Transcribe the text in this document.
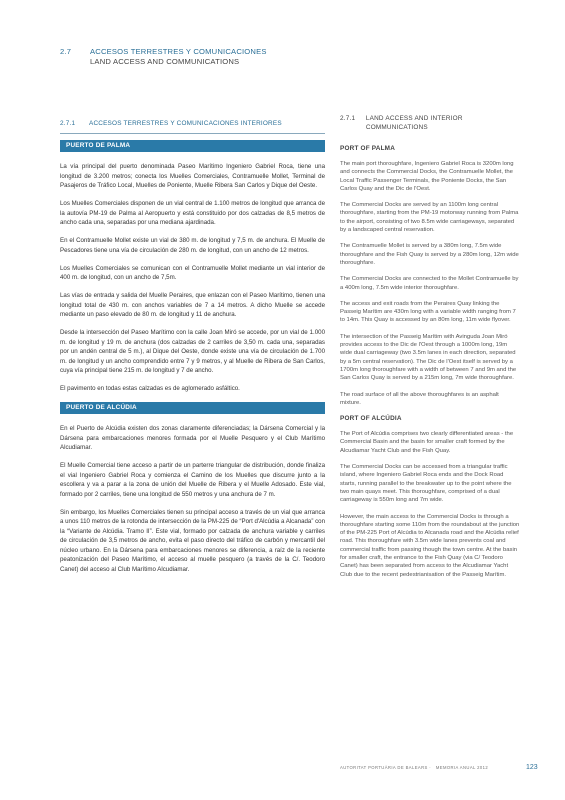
2.7	ACCESOS TERRESTRES Y COMUNICACIONES
LAND ACCESS AND COMMUNICATIONS
2.7.1	ACCESOS TERRESTRES Y COMUNICACIONES INTERIORES
PUERTO DE PALMA

La vía principal del puerto denominada Paseo Marítimo Ingeniero Gabriel Roca, tiene una longitud de 3.200 metros; conecta los Muelles Comerciales, Contramuelle Mollet, Terminal de Pasajeros de Tráfico Local, Muelles de Poniente, Muelle Ribera San Carlos y Dique del Oeste.

Los Muelles Comerciales disponen de un vial central de 1.100 metros de longitud que arranca de la autovía PM-19 de Palma al Aeropuerto y está constituido por dos calzadas de 8,5 metros de ancho cada una, separadas por una mediana ajardinada.

En el Contramuelle Mollet existe un vial de 380 m. de longitud y 7,5 m. de anchura. El Muelle de Pescadores tiene una vía de circulación de 280 m. de longitud, con un ancho de 12 metros.

Los Muelles Comerciales se comunican con el Contramuelle Mollet mediante un vial interior de 400 m. de longitud, con un ancho de 7,5m.

Las vías de entrada y salida del Muelle Peraires, que enlazan con el Paseo Marítimo, tienen una longitud total de 430 m. con anchos variables de 7 a 14 metros. A dicho Muelle se accede mediante un paso elevado de 80 m. de longitud y 11 de anchura.

Desde la intersección del Paseo Marítimo con la calle Joan Miró se accede, por un vial de 1.000 m. de longitud y 19 m. de anchura (dos calzadas de 2 carriles de 3,50 m. cada una, separadas por un andén central de 5 m.), al Dique del Oeste, donde existe una vía de circulación de 1.700 m. de longitud y un ancho comprendido entre 7 y 9 metros, y al Muelle de Ribera de San Carlos, cuya vía principal tiene 215 m. de longitud y 7 de ancho.

El pavimento en todas estas calzadas es de aglomerado asfáltico.

PUERTO DE ALCÚDIA

En el Puerto de Alcúdia existen dos zonas claramente diferenciadas; la Dársena Comercial y la Dársena para embarcaciones menores formada por el Muelle Pesquero y el Club Marítimo Alcudiamar.

El Muelle Comercial tiene acceso a partir de un parterre triangular de distribución, donde finaliza el vial Ingeniero Gabriel Roca y comienza el Camino de los Muelles que discurre junto a la escollera y va a parar a la zona de unión del Muelle de Ribera y el Muelle Adosado. Este vial, formado por 2 carriles, tiene una longitud de 550 metros y una anchura de 7 m.

Sin embargo, los Muelles Comerciales tienen su principal acceso a través de un vial que arranca a unos 110 metros de la rotonda de intersección de la PM-225 de “Port d'Alcúdia a Alcanada” con la “Variante de Alcúdia. Tramo II”. Este vial, formado por calzada de anchura variable y carriles de circulación de 3,5 metros de ancho, evita el paso directo del tráfico de carbón y mercantil del núcleo urbano. En la Dársena para embarcaciones menores se diferencia, a raíz de la reciente peatonización del Paseo Marítimo, el acceso al muelle pesquero (a través de la C/. Teodoro Canet) del acceso al Club Marítimo Alcudiamar.

2.7.1	LAND ACCESS AND INTERIOR COMMUNICATIONS
PORT OF PALMA

The main port thoroughfare, Ingeniero Gabriel Roca is 3200m long and connects the Commercial Docks, the Contramuelle Mollet, the Local Traffic Passenger Terminals, the Poniente Docks, the San Carlos Quay and the Dic de l'Oest.

The Commercial Docks are served by an 1100m long central thoroughfare, starting from the PM-19 motorway running from Palma to the airport, consisting of two 8.5m wide carriageways, separated by a landscaped central reservation.

The Contramuelle Mollet is served by a 380m long, 7.5m wide thoroughfare and the Fish Quay is served by a 280m long, 12m wide thoroughfare.

The Commercial Docks are connected to the Mollet Contramuelle by a 400m long, 7.5m wide interior thoroughfare.

The access and exit roads from the Peraires Quay linking the Passeig Marítim are 430m long with a variable width ranging from 7 to 14m. This Quay is accessed by an 80m long, 11m wide flyover.

The intersection of the Passeig Marítim with Avinguda Joan Miró provides access to the Dic de l'Oest through a 1000m long, 19m wide dual carriageway (two 3.5m lanes in each direction, separated by a 5m central reservation). The Dic de l'Oest itself is served by a 1700m long thoroughfare with a width of between 7 and 9m and the San Carlos Quay is served by a 215m long, 7m wide thoroughfare.

The road surface of all the above thoroughfares is an asphalt mixture.

PORT OF ALCÚDIA

The Port of Alcúdia comprises two clearly differentiated areas - the Commercial Basin and the basin for smaller craft formed by the Alcudiamar Yacht Club and the Fish Quay.

The Commercial Docks can be accessed from a triangular traffic island, where Ingeniero Gabriel Roca ends and the Dock Road starts, running parallel to the breakwater up to the point where the two main quays meet. This thoroughfare, comprised of a dual carriageway is 550m long and 7m wide.

However, the main access to the Commercial Docks is through a thoroughfare starting some 110m from the roundabout at the junction of the PM-225 Port of Alcúdia to Alcanada road and the Alcúdia relief road. This thoroughfare with 3.5m wide lanes prevents coal and commercial traffic from passing though the town centre. At the basin for smaller craft, the entrance to the Fish Quay (via C/ Teodoro Canet) has been separated from access to the Alcudiamar Yacht Club due to the recent pedestrianisation of the Passeig Marítim.

AUTORITAT PORTUÀRIA DE BALEARS · MEMORIA ANUAL 2012	123
